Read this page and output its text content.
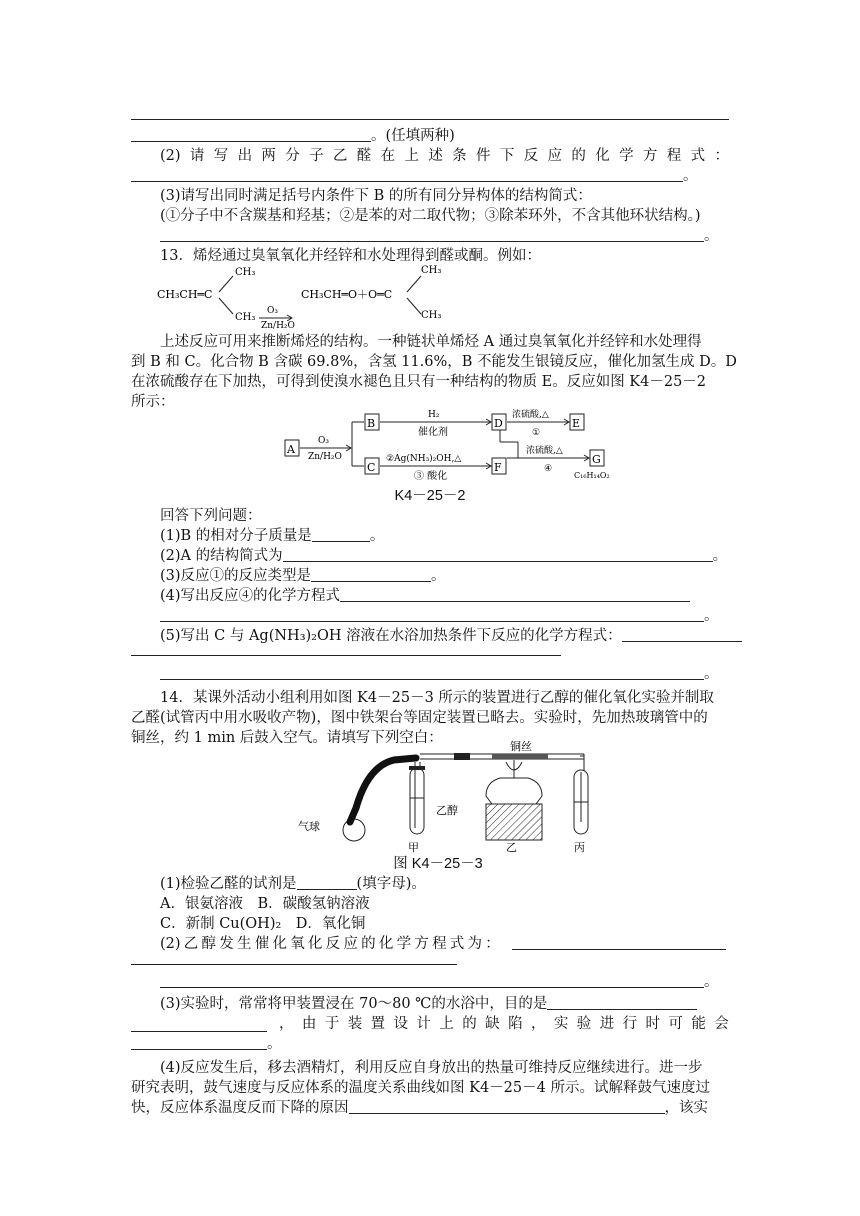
。(任填两种)
(2) 请 写 出 两 分 子 乙 醛 在 上 述 条 件 下 反 应 的 化 学 方 程 式 ：
。
(3)请写出同时满足括号内条件下 B 的所有同分异构体的结构简式：
(①分子中不含羰基和羟基；②是苯的对二取代物；③除苯环外，不含其他环状结构。)
。
13．烯烃通过臭氧氧化并经锌和水处理得到醛或酮。例如：
CH₃CH═C
CH₃
CH₃
O₃
Zn/H₂O
CH₃CH═O＋O═C
CH₃
CH₃
上述反应可用来推断烯烃的结构。一种链状单烯烃 A 通过臭氧氧化并经锌和水处理得
到 B 和 C。化合物 B 含碳 69.8%，含氢 11.6%，B 不能发生银镜反应，催化加氢生成 D。D
在浓硫酸存在下加热，可得到使溴水褪色且只有一种结构的物质 E。反应如图 K4－25－2
所示：
A
O₃
Zn/H₂O
B
C
H₂
催化剂
②Ag(NH₃)₂OH,△
③ 酸化
D
F
浓硫酸,△
①
E
浓硫酸,△
④
G
C₁₆H₁₄O₂
K4－25－2
回答下列问题：
(1)B 的相对分子质量是	。
(2)A 的结构简式为	。
(3)反应①的反应类型是	。
(4)写出反应④的化学方程式
。
(5)写出 C 与 Ag(NH₃)₂OH 溶液在水浴加热条件下反应的化学方程式：
。
14．某课外活动小组利用如图 K4－25－3 所示的装置进行乙醇的催化氧化实验并制取
乙醛(试管丙中用水吸收产物)，图中铁架台等固定装置已略去。实验时，先加热玻璃管中的
铜丝，约 1 min 后鼓入空气。请填写下列空白：
气球
乙醇
甲
铜丝
乙	丙
图 K4－25－3
(1)检验乙醛的试剂是	(填字母)。
A．银氨溶液　B．碳酸氢钠溶液
C．新制 Cu(OH)₂　D．氧化铜
(2) 乙 醇 发 生 催 化 氧 化 反 应 的 化 学 方 程 式 为 ：
。
(3)实验时，常常将甲装置浸在 70～80 ℃的水浴中，目的是
， 由 于 装 置 设 计 上 的 缺 陷 ， 实 验 进 行 时 可 能 会
。
(4)反应发生后，移去酒精灯，利用反应自身放出的热量可维持反应继续进行。进一步
研究表明，鼓气速度与反应体系的温度关系曲线如图 K4－25－4 所示。试解释鼓气速度过
快，反应体系温度反而下降的原因	，该实
